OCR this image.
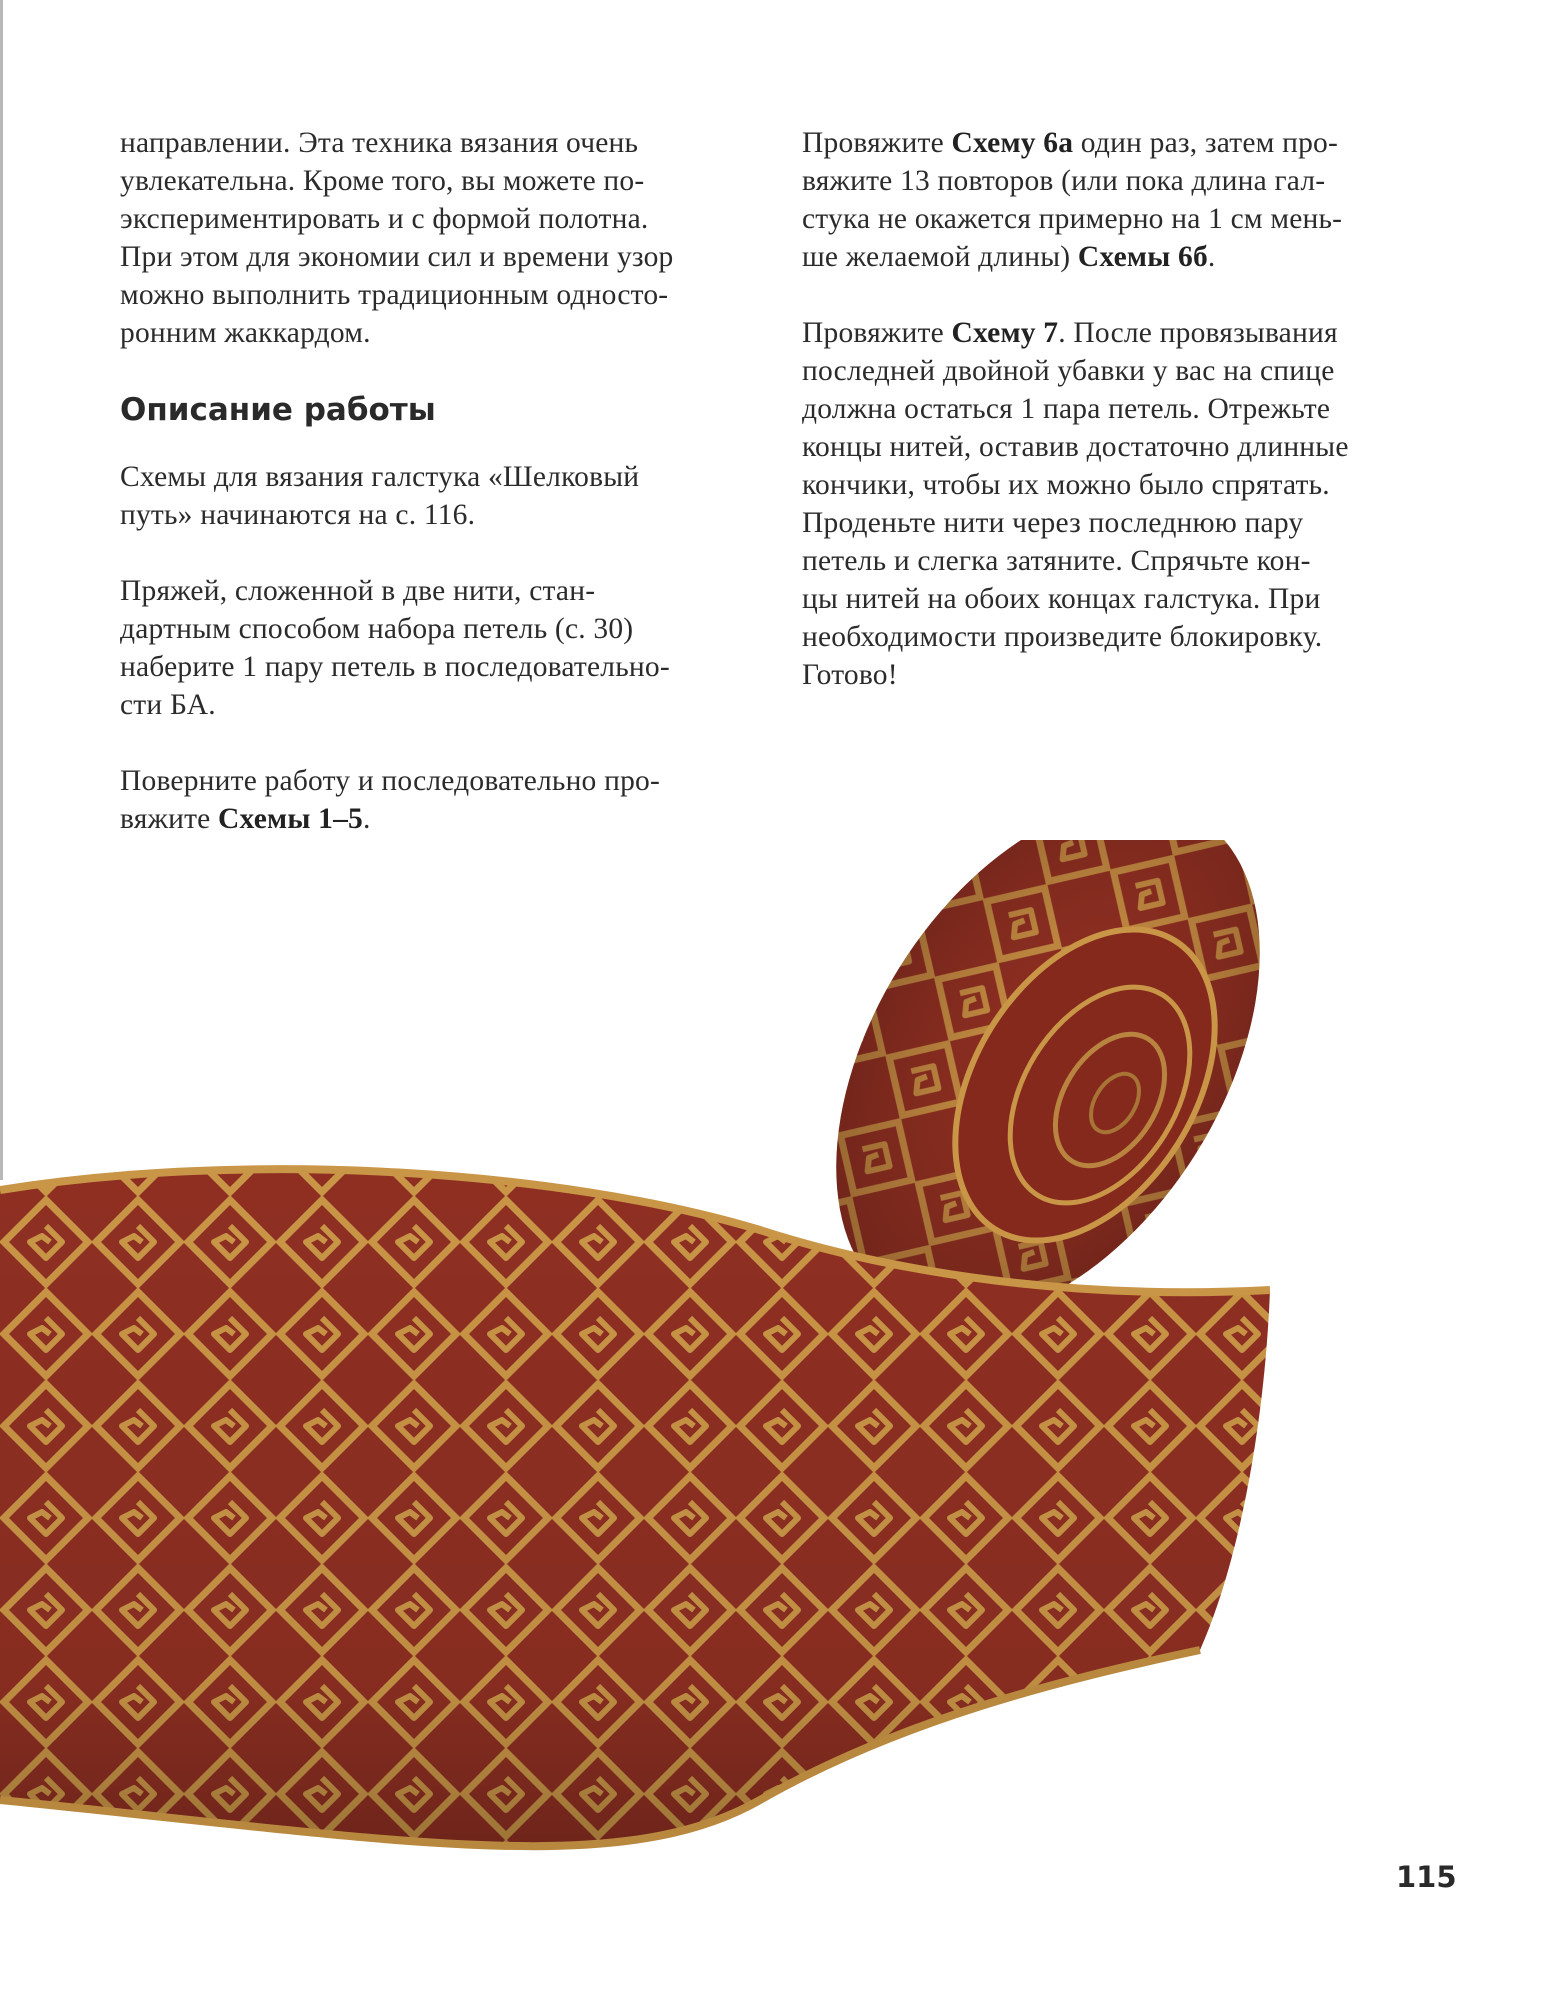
направлении. Эта техника вязания очень
увлекательна. Кроме того, вы можете по-
экспериментировать и с формой полотна.
При этом для экономии сил и времени узор
можно выполнить традиционным односто-
ронним жаккардом.

Описание работы

Схемы для вязания галстука «Шелковый
путь» начинаются на с. 116.

Пряжей, сложенной в две нити, стан-
дартным способом набора петель (с. 30)
наберите 1 пару петель в последовательно-
сти БА.

Поверните работу и последовательно про-
вяжите Схемы 1–5.

Провяжите Схему 6а один раз, затем про-
вяжите 13 повторов (или пока длина гал-
стука не окажется примерно на 1 см мень-
ше желаемой длины) Схемы 6б.

Провяжите Схему 7. После провязывания
последней двойной убавки у вас на спице
должна остаться 1 пара петель. Отрежьте
концы нитей, оставив достаточно длинные
кончики, чтобы их можно было спрятать.
Проденьте нити через последнюю пару
петель и слегка затяните. Спрячьте кон-
цы нитей на обоих концах галстука. При
необходимости произведите блокировку.
Готово!

115
